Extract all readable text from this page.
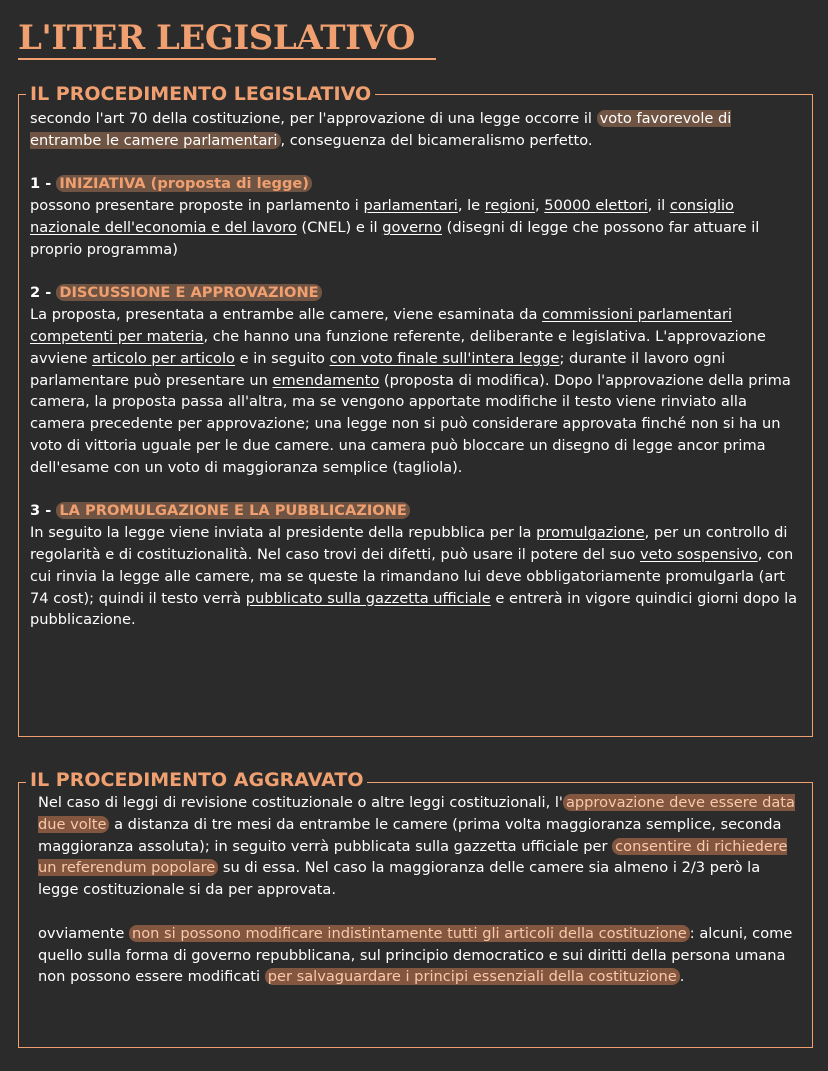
L'ITER LEGISLATIVO
IL PROCEDIMENTO LEGISLATIVO

secondo l'art 70 della costituzione, per l'approvazione di una legge occorre il voto favorevole di entrambe le camere parlamentari , conseguenza del bicameralismo perfetto.

1 - INIZIATIVA (proposta di legge)

possono presentare proposte in parlamento i parlamentari, le regioni, 50000 elettori, il consiglio nazionale dell'economia e del lavoro (CNEL) e il governo (disegni di legge che possono far attuare il proprio programma)

2 - DISCUSSIONE E APPROVAZIONE

La proposta, presentata a entrambe alle camere, viene esaminata da commissioni parlamentari competenti per materia, che hanno una funzione referente, deliberante e legislativa. L'approvazione avviene articolo per articolo e in seguito con voto finale sull'intera legge; durante il lavoro ogni parlamentare può presentare un emendamento (proposta di modifica). Dopo l'approvazione della prima camera, la proposta passa all'altra, ma se vengono apportate modifiche il testo viene rinviato alla camera precedente per approvazione; una legge non si può considerare approvata finché non si ha un voto di vittoria uguale per le due camere. una camera può bloccare un disegno di legge ancor prima dell'esame con un voto di maggioranza semplice (tagliola).

3 - LA PROMULGAZIONE E LA PUBBLICAZIONE

In seguito la legge viene inviata al presidente della repubblica per la promulgazione, per un controllo di regolarità e di costituzionalità. Nel caso trovi dei difetti, può usare il potere del suo veto sospensivo, con cui rinvia la legge alle camere, ma se queste la rimandano lui deve obbligatoriamente promulgarla (art 74 cost); quindi il testo verrà pubblicato sulla gazzetta ufficiale e entrerà in vigore quindici giorni dopo la pubblicazione.

IL PROCEDIMENTO AGGRAVATO

Nel caso di leggi di revisione costituzionale o altre leggi costituzionali, l' approvazione deve essere data due volte a distanza di tre mesi da entrambe le camere (prima volta maggioranza semplice, seconda maggioranza assoluta); in seguito verrà pubblicata sulla gazzetta ufficiale per consentire di richiedere un referendum popolare su di essa. Nel caso la maggioranza delle camere sia almeno i 2/3 però la legge costituzionale si da per approvata.

ovviamente non si possono modificare indistintamente tutti gli articoli della costituzione : alcuni, come quello sulla forma di governo repubblicana, sul principio democratico e sui diritti della persona umana non possono essere modificati per salvaguardare i principi essenziali della costituzione .
